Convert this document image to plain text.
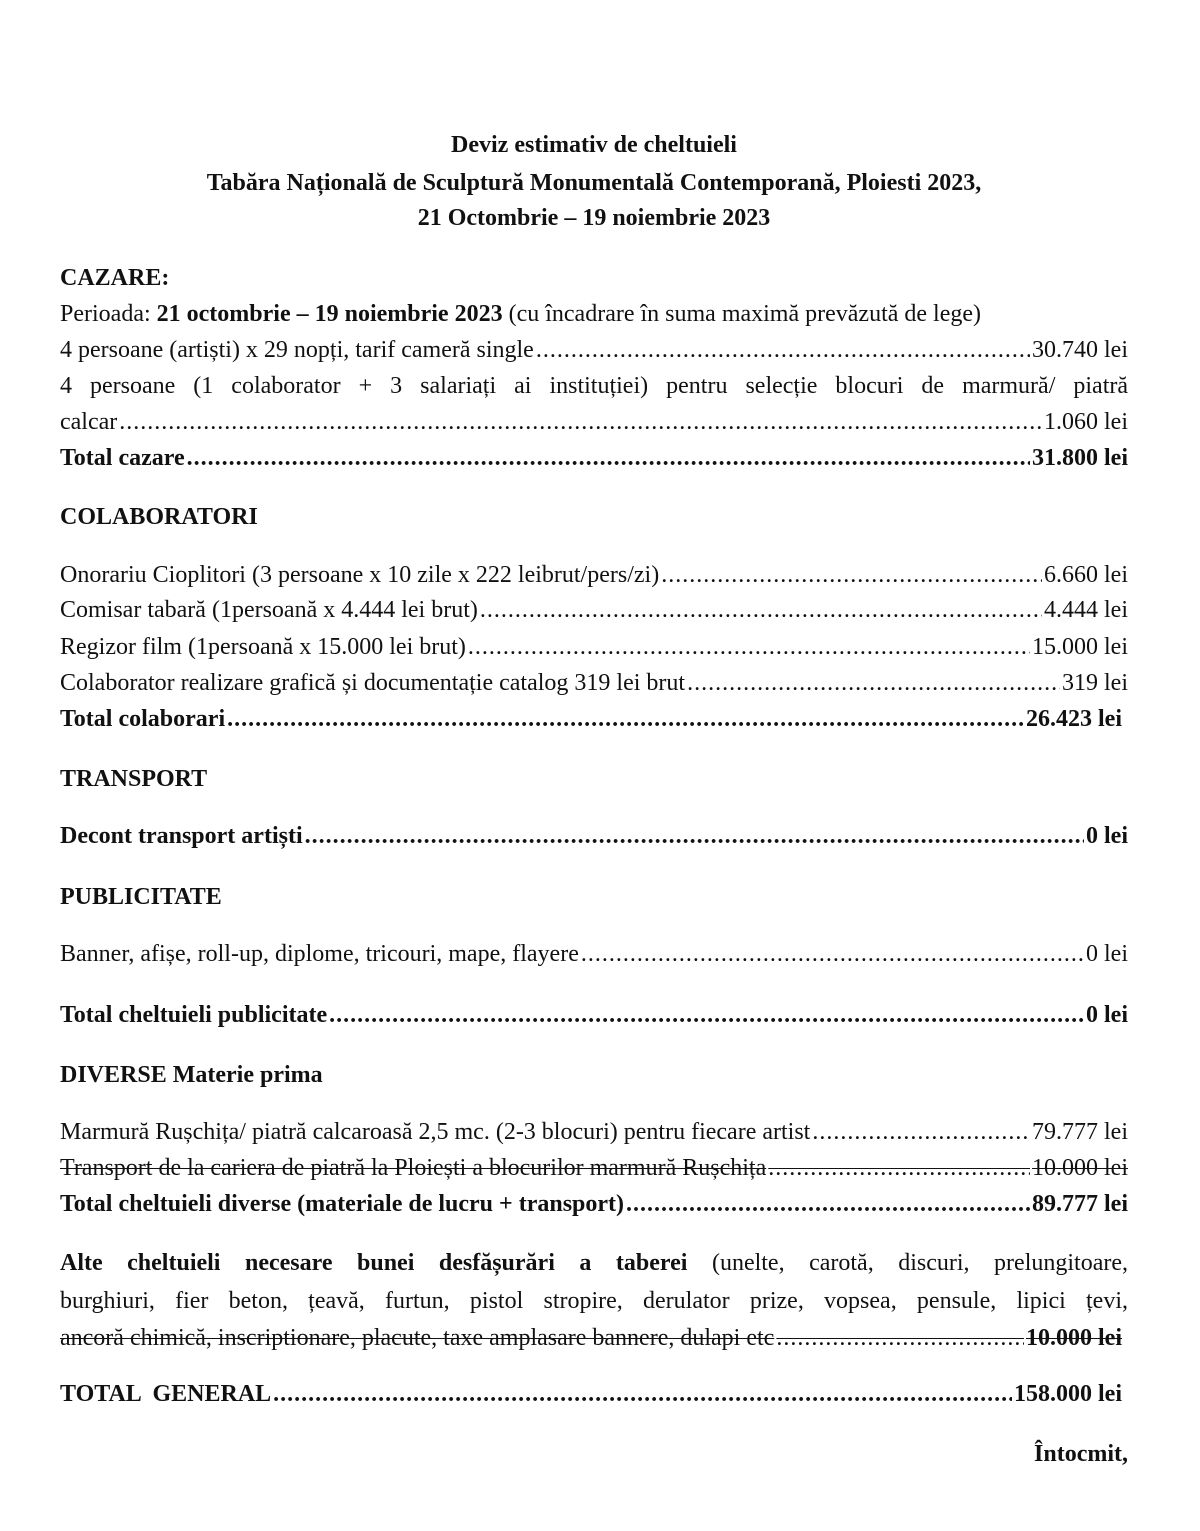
Deviz estimativ de cheltuieli
Tabăra Națională de Sculptură Monumentală Contemporană, Ploiesti 2023,
21 Octombrie – 19 noiembrie 2023
CAZARE:
Perioada: 21 octombrie – 19 noiembrie 2023 (cu încadrare în suma maximă prevăzută de lege)
4 persoane (artiști) x 29 nopți, tarif cameră single .....	30.740 lei
4 persoane (1 colaborator + 3 salariați ai instituției) pentru selecție blocuri de marmură/ piatră
calcar .....	1.060 lei
Total cazare .....	31.800 lei
COLABORATORI
Onorariu Cioplitori (3 persoane x 10 zile x 222 leibrut/pers/zi) .....	6.660 lei
Comisar tabară (1persoană x 4.444 lei brut) .....	4.444 lei
Regizor film (1persoană x 15.000 lei brut) .....	15.000 lei
Colaborator realizare grafică și documentație catalog 319 lei brut .....	319 lei
Total colaborari .....	26.423 lei
TRANSPORT
Decont transport artiști .....	0 lei
PUBLICITATE
Banner, afișe, roll-up, diplome, tricouri, mape, flayere .....	0 lei
Total cheltuieli publicitate .....	0 lei
DIVERSE Materie prima
Marmură Rușchița/ piatră calcaroasă 2,5 mc. (2-3 blocuri) pentru fiecare artist .....	79.777 lei
Transport de la cariera de piatră la Ploiești a blocurilor marmură Rușchița .....	10.000 lei
Total cheltuieli diverse (materiale de lucru + transport) .....	89.777 lei
Alte cheltuieli necesare bunei desfășurări a taberei (unelte, carotă, discuri, prelungitoare,
burghiuri, fier beton, țeavă, furtun, pistol stropire, derulator prize, vopsea, pensule, lipici țevi,
ancoră chimică, inscriptionare, placute, taxe amplasare bannere, dulapi etc .....	10.000 lei
TOTAL  GENERAL .....	158.000 lei
Întocmit,
